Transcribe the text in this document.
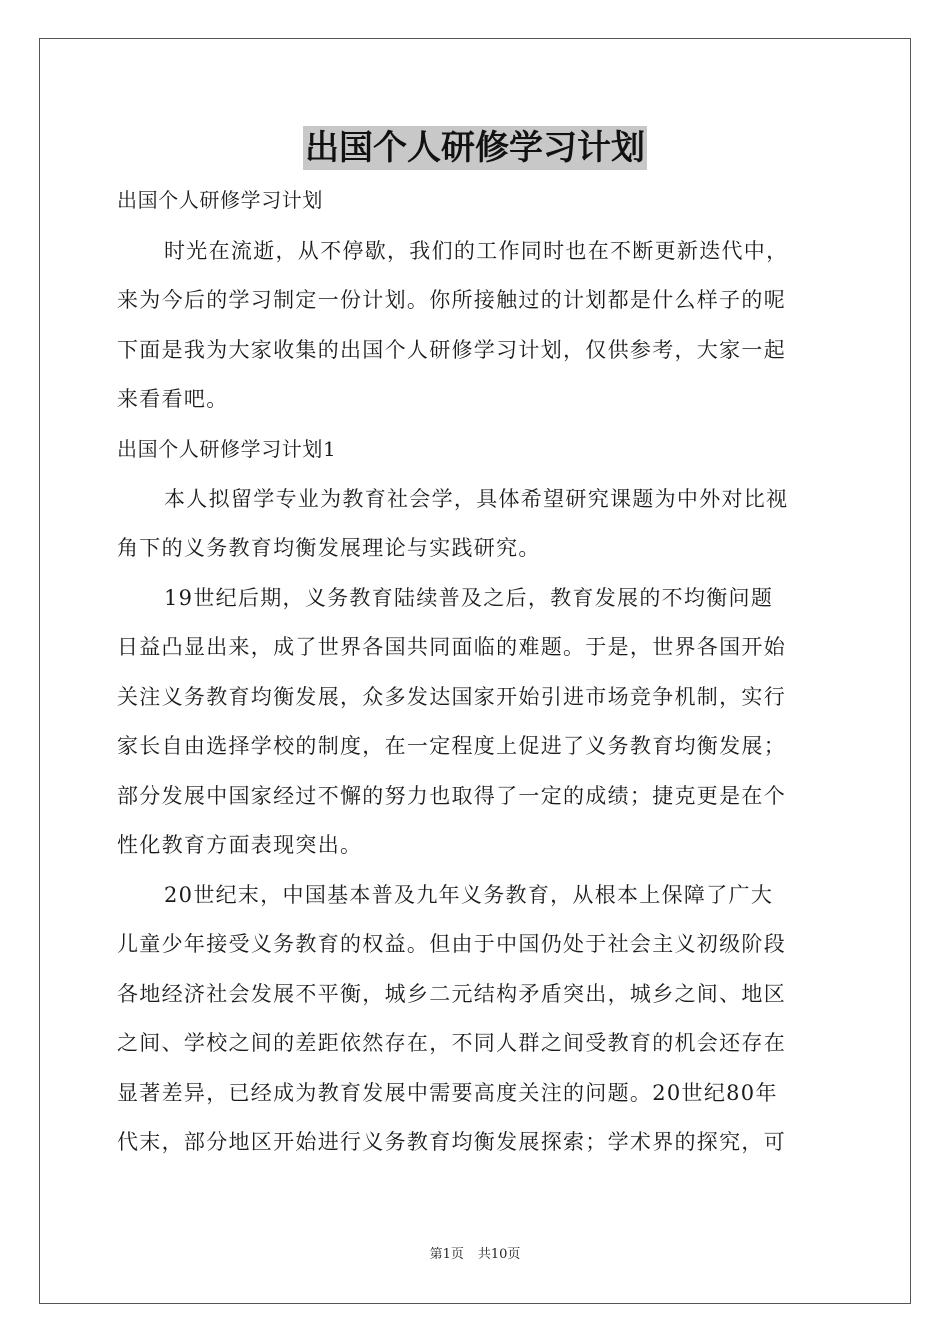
出国个人研修学习计划
出国个人研修学习计划
时光在流逝，从不停歇，我们的工作同时也在不断更新迭代中，
来为今后的学习制定一份计划。你所接触过的计划都是什么样子的呢
下面是我为大家收集的出国个人研修学习计划，仅供参考，大家一起
来看看吧。
出国个人研修学习计划1
本人拟留学专业为教育社会学，具体希望研究课题为中外对比视
角下的义务教育均衡发展理论与实践研究。
19世纪后期，义务教育陆续普及之后，教育发展的不均衡问题
日益凸显出来，成了世界各国共同面临的难题。于是，世界各国开始
关注义务教育均衡发展，众多发达国家开始引进市场竞争机制，实行
家长自由选择学校的制度，在一定程度上促进了义务教育均衡发展；
部分发展中国家经过不懈的努力也取得了一定的成绩；捷克更是在个
性化教育方面表现突出。
20世纪末，中国基本普及九年义务教育，从根本上保障了广大
儿童少年接受义务教育的权益。但由于中国仍处于社会主义初级阶段
各地经济社会发展不平衡，城乡二元结构矛盾突出，城乡之间、地区
之间、学校之间的差距依然存在，不同人群之间受教育的机会还存在
显著差异，已经成为教育发展中需要高度关注的问题。20世纪80年
代末，部分地区开始进行义务教育均衡发展探索；学术界的探究，可
第1页 共10页
